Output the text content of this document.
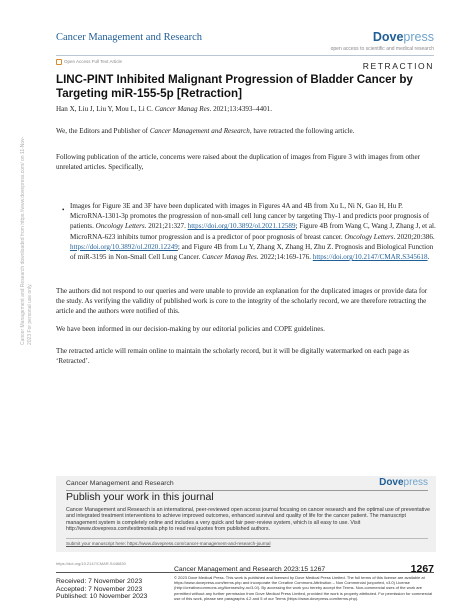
Cancer Management and Research	Dovepress
open access to scientific and medical research
Open Access Full Text Article	RETRACTION
LINC-PINT Inhibited Malignant Progression of Bladder Cancer by Targeting miR-155-5p [Retraction]
Cancer Management and Research downloaded from https://www.dovepress.com/ on 11-Nov-2023 For personal use only.
Han X, Liu J, Liu Y, Mou L, Li C. Cancer Manag Res. 2021;13:4393–4401.
We, the Editors and Publisher of Cancer Management and Research, have retracted the following article.
Following publication of the article, concerns were raised about the duplication of images from Figure 3 with images from other unrelated articles. Specifically,
• Images for Figure 3E and 3F have been duplicated with images in Figures 4A and 4B from Xu L, Ni N, Gao H, Hu P. MicroRNA-1301-3p promotes the progression of non-small cell lung cancer by targeting Thy-1 and predicts poor prognosis of patients. Oncology Letters. 2021;21:327. https://doi.org/10.3892/ol.2021.12589; Figure 4B from Wang C, Wang J, Zhang J, et al. MicroRNA-623 inhibits tumor progression and is a predictor of poor prognosis of breast cancer. Oncology Letters. 2020;20:386. https://doi.org/10.3892/ol.2020.12249; and Figure 4B from Lu Y, Zhang X, Zhang H, Zhu Z. Prognosis and Biological Function of miR-3195 in Non-Small Cell Lung Cancer. Cancer Manag Res. 2022;14:169-176. https://doi.org/10.2147/CMAR.S345618.
The authors did not respond to our queries and were unable to provide an explanation for the duplicated images or provide data for the study. As verifying the validity of published work is core to the integrity of the scholarly record, we are therefore retracting the article and the authors were notified of this.
We have been informed in our decision-making by our editorial policies and COPE guidelines.
The retracted article will remain online to maintain the scholarly record, but it will be digitally watermarked on each page as ‘Retracted’.
Cancer Management and Research	Dovepress
Publish your work in this journal
Cancer Management and Research is an international, peer-reviewed open access journal focusing on cancer research and the optimal use of preventative and integrated treatment interventions to achieve improved outcomes, enhanced survival and quality of life for the cancer patient. The manuscript management system is completely online and includes a very quick and fair peer-review system, which is all easy to use. Visit http://www.dovepress.com/testimonials.php to read real quotes from published authors.
Submit your manuscript here: https://www.dovepress.com/cancer-management-and-research-journal
https://doi.org/10.2147/CMAR.S446830
Cancer Management and Research 2023:15 1267	1267
Received: 7 November 2023
Accepted: 7 November 2023
Published: 10 November 2023
© 2023 Dove Medical Press. This work is published and licensed by Dove Medical Press Limited. The full terms of this license are available at https://www.dovepress.com/terms.php and incorporate the Creative Commons Attribution – Non Commercial (unported, v3.0) License (http://creativecommons.org/licenses/by-nc/3.0/). By accessing the work you hereby accept the Terms. Non-commercial uses of the work are permitted without any further permission from Dove Medical Press Limited, provided the work is properly attributed. For permission for commercial use of this work, please see paragraphs 4.2 and 5 of our Terms (https://www.dovepress.com/terms.php).
